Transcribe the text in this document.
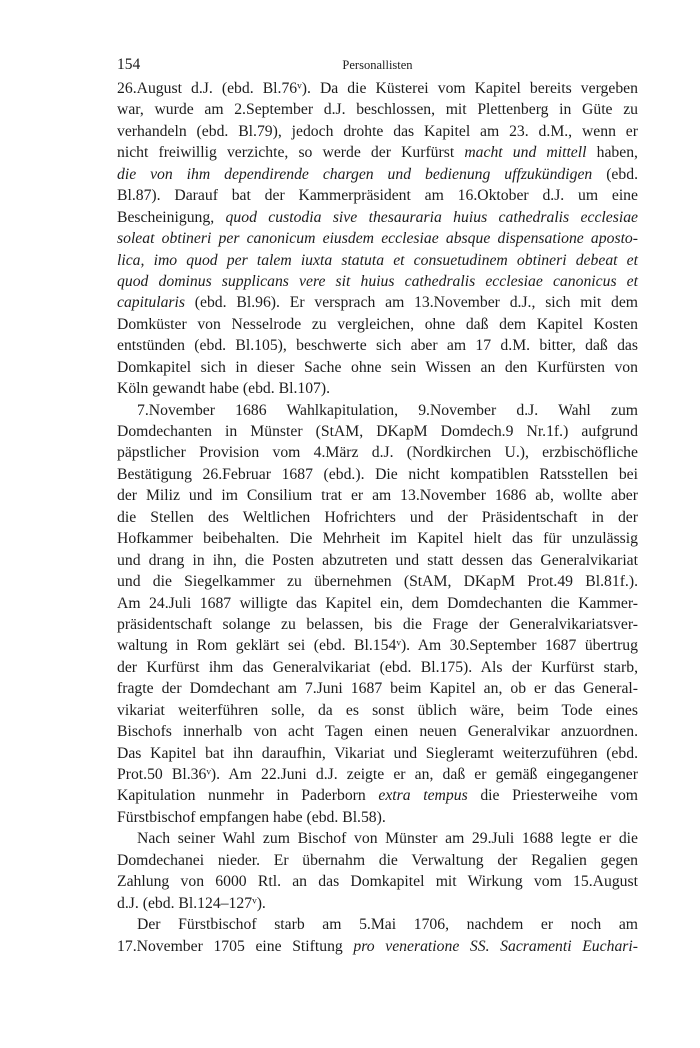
154	Personallisten
26.August d.J. (ebd. Bl.76ᵛ). Da die Küsterei vom Kapitel bereits vergeben
war, wurde am 2.September d.J. beschlossen, mit Plettenberg in Güte zu
verhandeln (ebd. Bl.79), jedoch drohte das Kapitel am 23. d.M., wenn er
nicht freiwillig verzichte, so werde der Kurfürst macht und mittell haben,
die von ihm dependirende chargen und bedienung uffzukündigen (ebd.
Bl.87). Darauf bat der Kammerpräsident am 16.Oktober d.J. um eine
Bescheinigung, quod custodia sive thesauraria huius cathedralis ecclesiae
soleat obtineri per canonicum eiusdem ecclesiae absque dispensatione aposto-
lica, imo quod per talem iuxta statuta et consuetudinem obtineri debeat et
quod dominus supplicans vere sit huius cathedralis ecclesiae canonicus et
capitularis (ebd. Bl.96). Er versprach am 13.November d.J., sich mit dem
Domküster von Nesselrode zu vergleichen, ohne daß dem Kapitel Kosten
entstünden (ebd. Bl.105), beschwerte sich aber am 17 d.M. bitter, daß das
Domkapitel sich in dieser Sache ohne sein Wissen an den Kurfürsten von
Köln gewandt habe (ebd. Bl.107).
7.November 1686 Wahlkapitulation, 9.November d.J. Wahl zum
Domdechanten in Münster (StAM, DKapM Domdech.9 Nr.1f.) aufgrund
päpstlicher Provision vom 4.März d.J. (Nordkirchen U.), erzbischöfliche
Bestätigung 26.Februar 1687 (ebd.). Die nicht kompatiblen Ratsstellen bei
der Miliz und im Consilium trat er am 13.November 1686 ab, wollte aber
die Stellen des Weltlichen Hofrichters und der Präsidentschaft in der
Hofkammer beibehalten. Die Mehrheit im Kapitel hielt das für unzulässig
und drang in ihn, die Posten abzutreten und statt dessen das Generalvikariat
und die Siegelkammer zu übernehmen (StAM, DKapM Prot.49 Bl.81f.).
Am 24.Juli 1687 willigte das Kapitel ein, dem Domdechanten die Kammer-
präsidentschaft solange zu belassen, bis die Frage der Generalvikariatsver-
waltung in Rom geklärt sei (ebd. Bl.154ᵛ). Am 30.September 1687 übertrug
der Kurfürst ihm das Generalvikariat (ebd. Bl.175). Als der Kurfürst starb,
fragte der Domdechant am 7.Juni 1687 beim Kapitel an, ob er das General-
vikariat weiterführen solle, da es sonst üblich wäre, beim Tode eines
Bischofs innerhalb von acht Tagen einen neuen Generalvikar anzuordnen.
Das Kapitel bat ihn daraufhin, Vikariat und Siegleramt weiterzuführen (ebd.
Prot.50 Bl.36ᵛ). Am 22.Juni d.J. zeigte er an, daß er gemäß eingegangener
Kapitulation nunmehr in Paderborn extra tempus die Priesterweihe vom
Fürstbischof empfangen habe (ebd. Bl.58).
Nach seiner Wahl zum Bischof von Münster am 29.Juli 1688 legte er die
Domdechanei nieder. Er übernahm die Verwaltung der Regalien gegen
Zahlung von 6000 Rtl. an das Domkapitel mit Wirkung vom 15.August
d.J. (ebd. Bl.124–127ᵛ).
Der Fürstbischof starb am 5.Mai 1706, nachdem er noch am
17.November 1705 eine Stiftung pro veneratione SS. Sacramenti Euchari-
